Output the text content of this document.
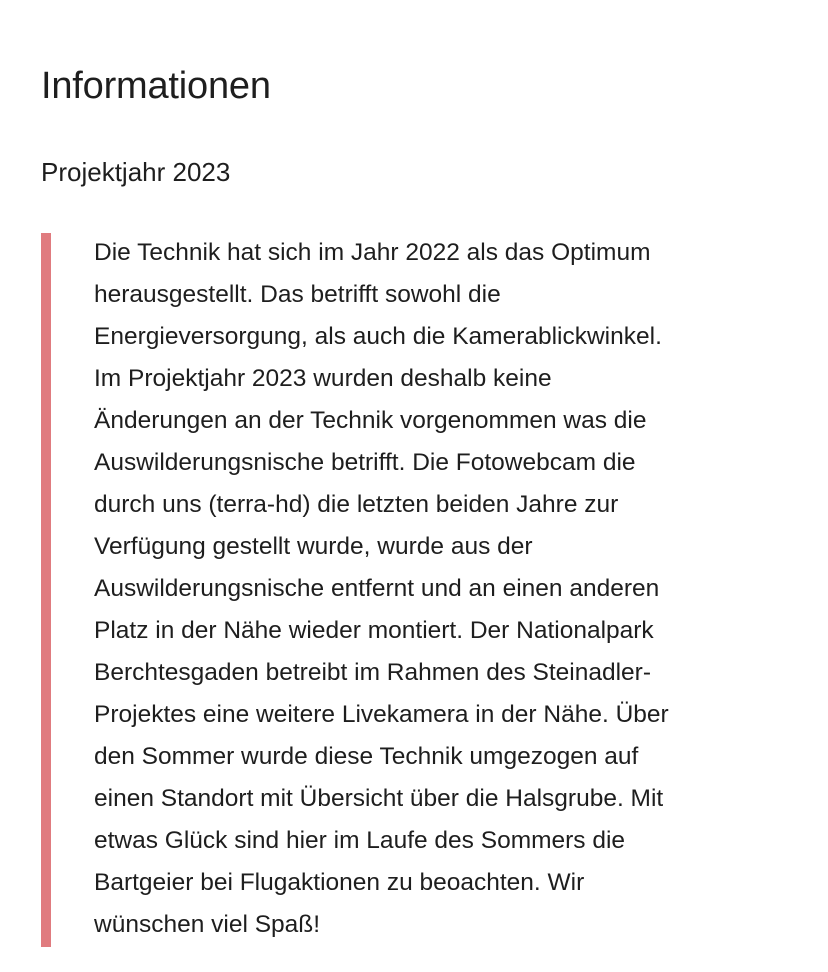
Informationen
Projektjahr 2023

Die Technik hat sich im Jahr 2022 als das Optimum
herausgestellt. Das betrifft sowohl die
Energieversorgung, als auch die Kamerablickwinkel.
Im Projektjahr 2023 wurden deshalb keine
Änderungen an der Technik vorgenommen was die
Auswilderungsnische betrifft. Die Fotowebcam die
durch uns (terra-hd) die letzten beiden Jahre zur
Verfügung gestellt wurde, wurde aus der
Auswilderungsnische entfernt und an einen anderen
Platz in der Nähe wieder montiert. Der Nationalpark
Berchtesgaden betreibt im Rahmen des Steinadler-
Projektes eine weitere Livekamera in der Nähe. Über
den Sommer wurde diese Technik umgezogen auf
einen Standort mit Übersicht über die Halsgrube. Mit
etwas Glück sind hier im Laufe des Sommers die
Bartgeier bei Flugaktionen zu beoachten. Wir
wünschen viel Spaß!
